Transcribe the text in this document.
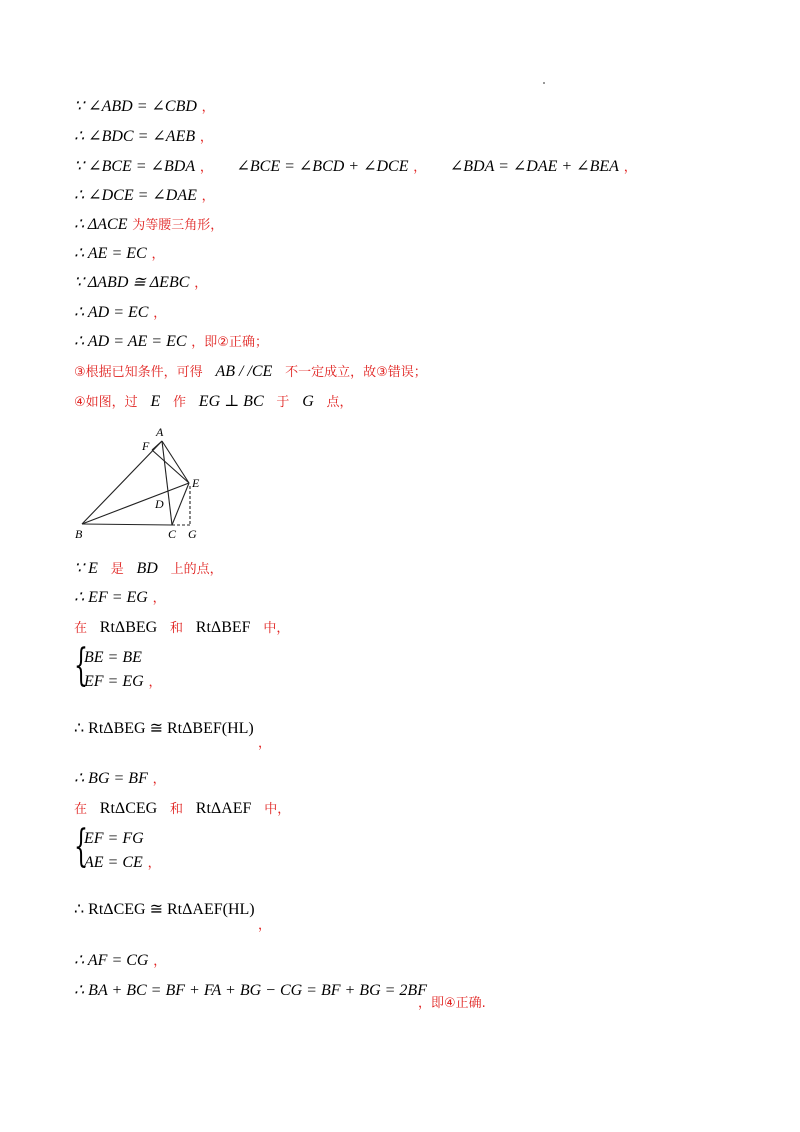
∵ ∠ABD = ∠CBD ，
∴ ∠BDC = ∠AEB ，
∵ ∠BCE = ∠BDA ， ∠BCE = ∠BCD + ∠DCE ， ∠BDA = ∠DAE + ∠BEA ，
∴ ∠DCE = ∠DAE ，
∴ ΔACE 为等腰三角形，
∴ AE = EC ，
∵ ΔABD ≅ ΔEBC ，
∴ AD = EC ，
∴ AD = AE = EC ，即②正确；
③根据已知条件，可得 AB / /CE 不一定成立，故③错误；
④如图，过 E 作 EG ⊥ BC 于 G 点，
A
F
E
D
B	C G
∵ E 是 BD 上的点，
∴ EF = EG ，
在 RtΔBEG 和 RtΔBEF 中，
{
BE = BE
EF = EG ，
∴ RtΔBEG ≅ RtΔBEF(HL)
，
∴ BG = BF ，
在 RtΔCEG 和 RtΔAEF 中，
{
EF = FG
AE = CE ，
∴ RtΔCEG ≅ RtΔAEF(HL)
，
∴ AF = CG ，
∴ BA + BC = BF + FA + BG − CG = BF + BG = 2BF
，即④正确.
